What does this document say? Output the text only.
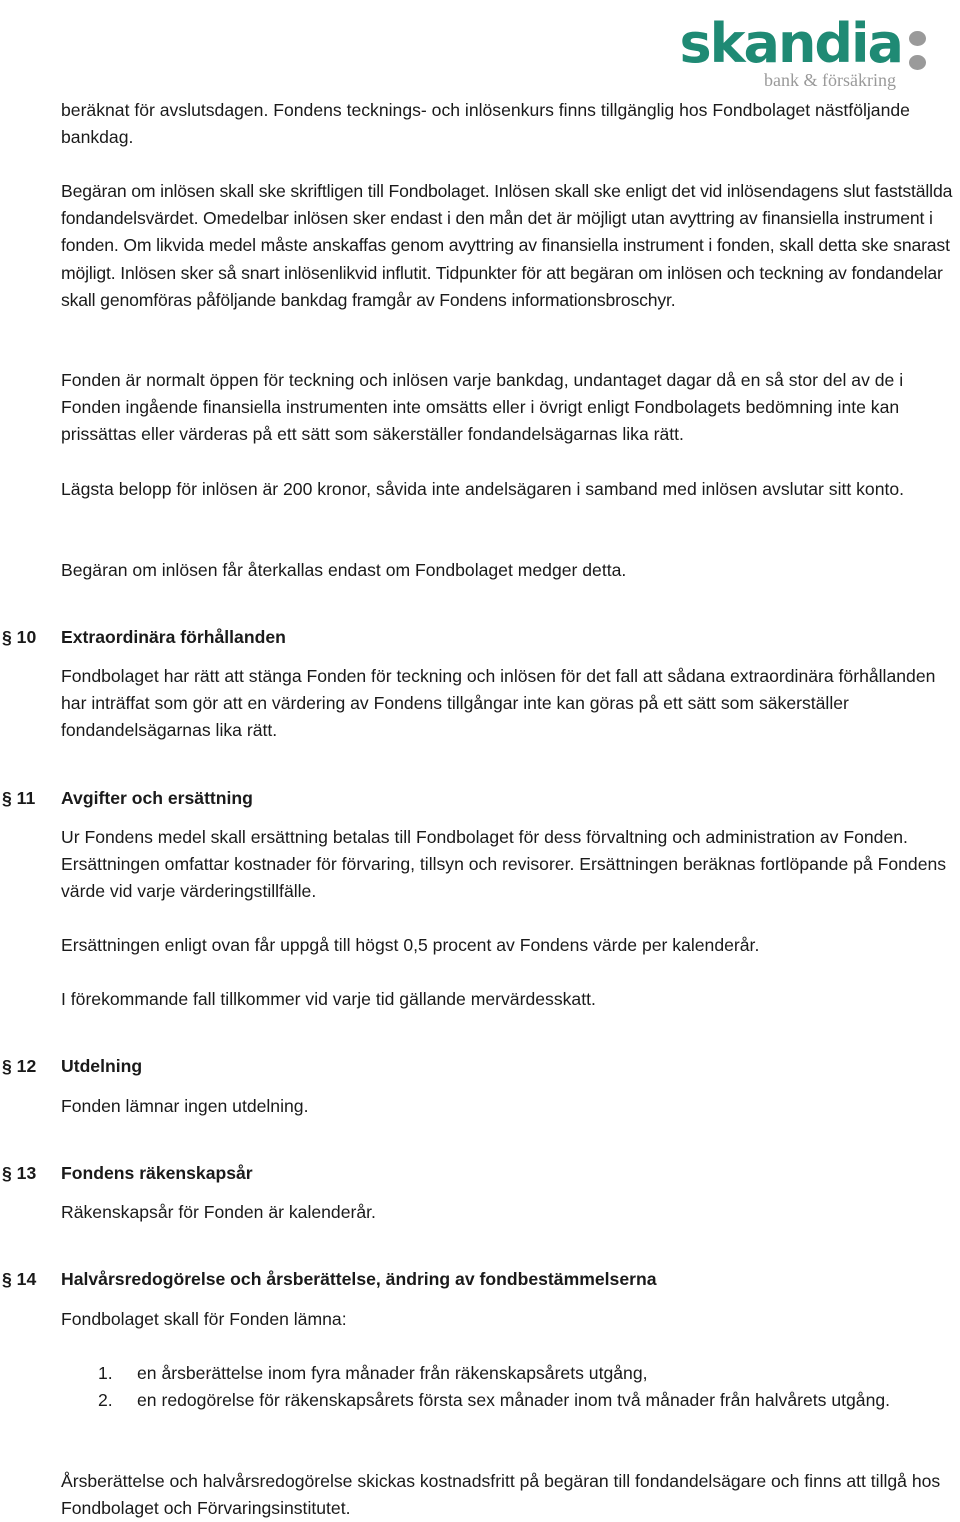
skandia
bank & försäkring

beräknat för avslutsdagen. Fondens tecknings- och inlösenkurs finns tillgänglig hos Fondbolaget nästföljande bankdag.

Begäran om inlösen skall ske skriftligen till Fondbolaget. Inlösen skall ske enligt det vid inlösendagens slut fastställda fondandelsvärdet. Omedelbar inlösen sker endast i den mån det är möjligt utan avyttring av finansiella instrument i fonden. Om likvida medel måste anskaffas genom avyttring av finansiella instrument i fonden, skall detta ske snarast möjligt. Inlösen sker så snart inlösenlikvid influtit. Tidpunkter för att begäran om inlösen och teckning av fondandelar skall genomföras påföljande bankdag framgår av Fondens informationsbroschyr.

Fonden är normalt öppen för teckning och inlösen varje bankdag, undantaget dagar då en så stor del av de i Fonden ingående finansiella instrumenten inte omsätts eller i övrigt enligt Fondbolagets bedömning inte kan prissättas eller värderas på ett sätt som säkerställer fondandelsägarnas lika rätt.

Lägsta belopp för inlösen är 200 kronor, såvida inte andelsägaren i samband med inlösen avslutar sitt konto.

Begäran om inlösen får återkallas endast om Fondbolaget medger detta.

§ 10 Extraordinära förhållanden

Fondbolaget har rätt att stänga Fonden för teckning och inlösen för det fall att sådana extraordinära förhållanden har inträffat som gör att en värdering av Fondens tillgångar inte kan göras på ett sätt som säkerställer fondandelsägarnas lika rätt.

§ 11 Avgifter och ersättning

Ur Fondens medel skall ersättning betalas till Fondbolaget för dess förvaltning och administration av Fonden. Ersättningen omfattar kostnader för förvaring, tillsyn och revisorer. Ersättningen beräknas fortlöpande på Fondens värde vid varje värderingstillfälle.

Ersättningen enligt ovan får uppgå till högst 0,5 procent av Fondens värde per kalenderår.

I förekommande fall tillkommer vid varje tid gällande mervärdesskatt.

§ 12 Utdelning

Fonden lämnar ingen utdelning.

§ 13 Fondens räkenskapsår

Räkenskapsår för Fonden är kalenderår.

§ 14 Halvårsredogörelse och årsberättelse, ändring av fondbestämmelserna

Fondbolaget skall för Fonden lämna:

1. en årsberättelse inom fyra månader från räkenskapsårets utgång,
2. en redogörelse för räkenskapsårets första sex månader inom två månader från halvårets utgång.

Årsberättelse och halvårsredogörelse skickas kostnadsfritt på begäran till fondandelsägare och finns att tillgå hos Fondbolaget och Förvaringsinstitutet.
